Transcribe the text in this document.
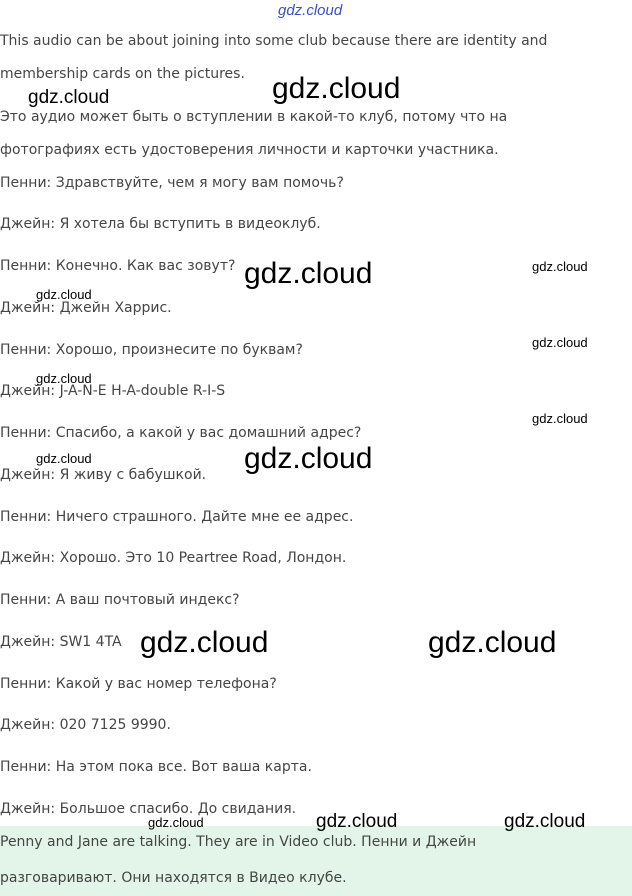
This audio can be about joining into some club because there are identity and
membership cards on the pictures.
Это аудио может быть о вступлении в какой-то клуб, потому что на
фотографиях есть удостоверения личности и карточки участника.
Пенни: Здравствуйте, чем я могу вам помочь?
Джейн: Я хотела бы вступить в видеоклуб.
Пенни: Конечно. Как вас зовут?
Джейн: Джейн Харрис.
Пенни: Хорошо, произнесите по буквам?
Джейн: J-A-N-E H-A-double R-I-S
Пенни: Спасибо, а какой у вас домашний адрес?
Джейн: Я живу с бабушкой.
Пенни: Ничего страшного. Дайте мне ее адрес.
Джейн: Хорошо. Это 10 Peartree Road, Лондон.
Пенни: А ваш почтовый индекс?
Джейн: SW1 4TA
Пенни: Какой у вас номер телефона?
Джейн: 020 7125 9990.
Пенни: На этом пока все. Вот ваша карта.
Джейн: Большое спасибо. До свидания.
Penny and Jane are talking. They are in Video club. Пенни и Джейн
разговаривают. Они находятся в Видео клубе.
gdz.cloud
gdz.cloud
gdz.cloud
gdz.cloud	gdz.cloud
gdz.cloud
gdz.cloud
gdz.cloud
gdz.cloud
gdz.cloud	gdz.cloud
gdz.cloud	gdz.cloud
gdz.cloud	gdz.cloud	gdz.cloud
